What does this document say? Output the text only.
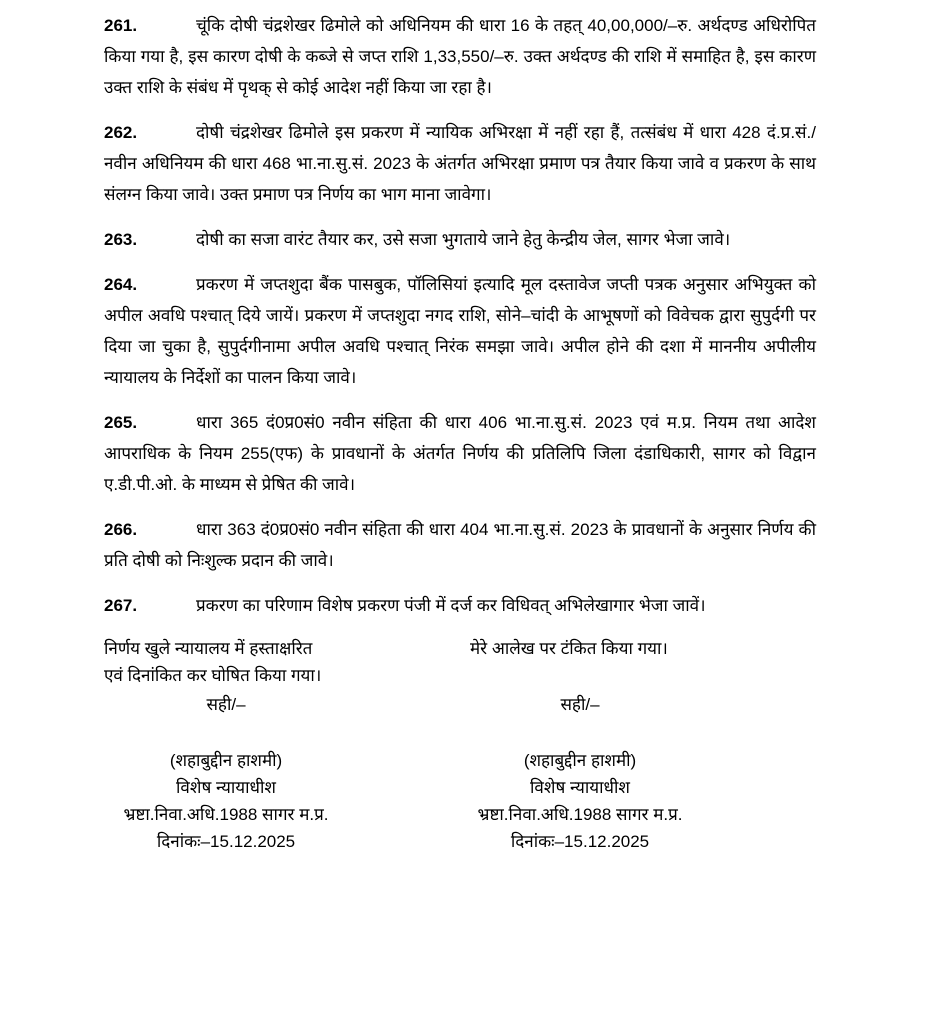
261.	चूंकि दोषी चंद्रशेखर ढिमोले को अधिनियम की धारा 16 के तहत् 40,00,000/–रु. अर्थदण्ड अधिरोपित किया गया है, इस कारण दोषी के कब्जे से जप्त राशि 1,33,550/–रु. उक्त अर्थदण्ड की राशि में समाहित है, इस कारण उक्त राशि के संबंध में पृथक् से कोई आदेश नहीं किया जा रहा है।
262.	दोषी चंद्रशेखर ढिमोले इस प्रकरण में न्यायिक अभिरक्षा में नहीं रहा हैं, तत्संबंध में धारा 428 दं.प्र.सं./नवीन अधिनियम की धारा 468 भा.ना.सु.सं. 2023 के अंतर्गत अभिरक्षा प्रमाण पत्र तैयार किया जावे व प्रकरण के साथ संलग्न किया जावे। उक्त प्रमाण पत्र निर्णय का भाग माना जावेगा।
263.	दोषी का सजा वारंट तैयार कर, उसे सजा भुगताये जाने हेतु केन्द्रीय जेल, सागर भेजा जावे।
264.	प्रकरण में जप्तशुदा बैंक पासबुक, पॉलिसियां इत्यादि मूल दस्तावेज जप्ती पत्रक अनुसार अभियुक्त को अपील अवधि पश्चात् दिये जायें। प्रकरण में जप्तशुदा नगद राशि, सोने–चांदी के आभूषणों को विवेचक द्वारा सुपुर्दगी पर दिया जा चुका है, सुपुर्दगीनामा अपील अवधि पश्चात् निरंक समझा जावे। अपील होने की दशा में माननीय अपीलीय न्यायालय के निर्देशों का पालन किया जावे।
265.	धारा 365 दं0प्र0सं0 नवीन संहिता की धारा 406 भा.ना.सु.सं. 2023 एवं म.प्र. नियम तथा आदेश आपराधिक के नियम 255(एफ) के प्रावधानों के अंतर्गत निर्णय की प्रतिलिपि जिला दंडाधिकारी, सागर को विद्वान ए.डी.पी.ओ. के माध्यम से प्रेषित की जावे।
266.	धारा 363 दं0प्र0सं0 नवीन संहिता की धारा 404 भा.ना.सु.सं. 2023 के प्रावधानों के अनुसार निर्णय की प्रति दोषी को निःशुल्क प्रदान की जावे।
267.	प्रकरण का परिणाम विशेष प्रकरण पंजी में दर्ज कर विधिवत् अभिलेखागार भेजा जावें।
निर्णय खुले न्यायालय में हस्ताक्षरित
एवं दिनांकित कर घोषित किया गया।
मेरे आलेख पर टंकित किया गया।
सही/–
(शहाबुद्दीन हाशमी)
विशेष न्यायाधीश
भ्रष्टा.निवा.अधि.1988 सागर म.प्र.
दिनांकः–15.12.2025
सही/–
(शहाबुद्दीन हाशमी)
विशेष न्यायाधीश
भ्रष्टा.निवा.अधि.1988 सागर म.प्र.
दिनांकः–15.12.2025
